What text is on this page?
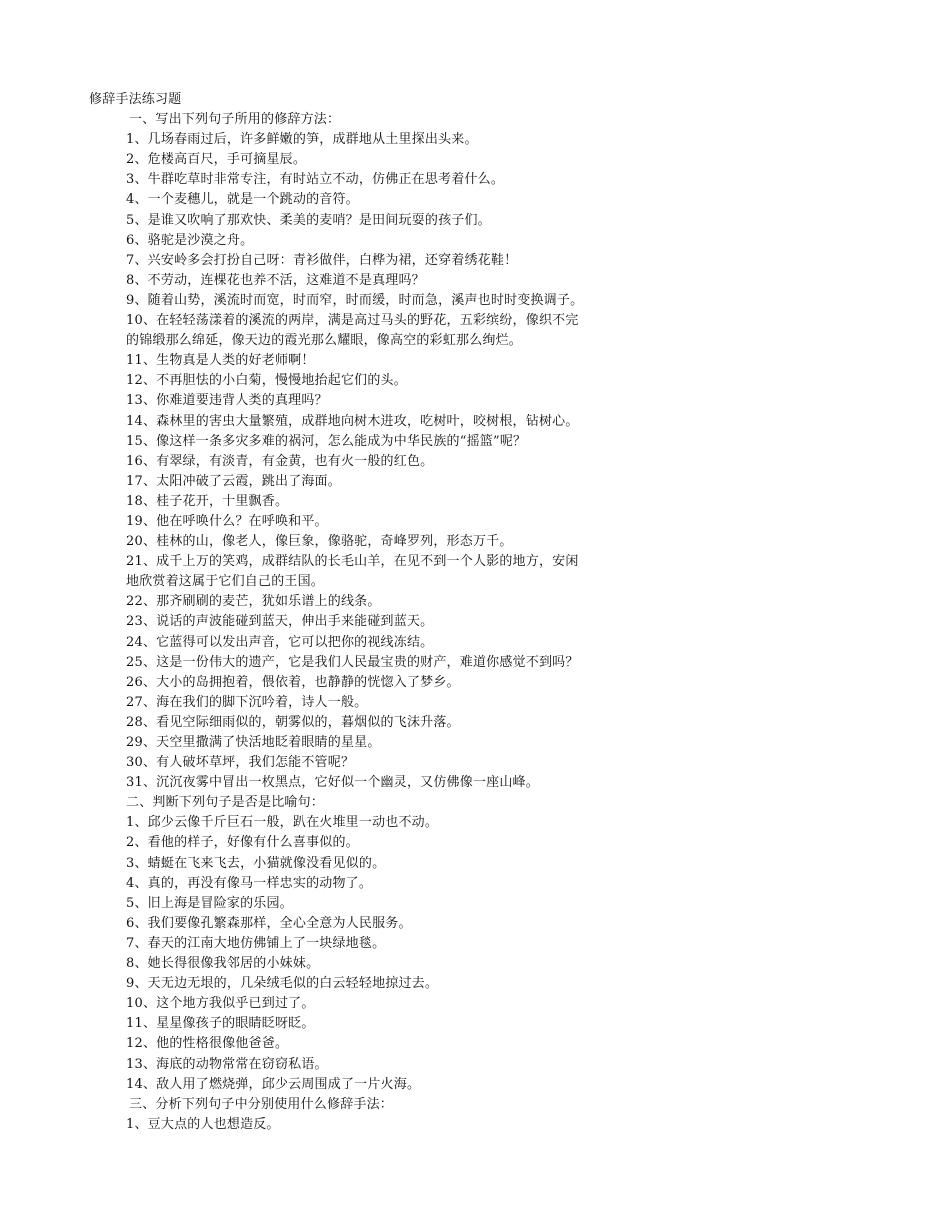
修辞手法练习题
一、写出下列句子所用的修辞方法：
1、几场春雨过后，许多鲜嫩的笋，成群地从土里探出头来。
2、危楼高百尺，手可摘星辰。
3、牛群吃草时非常专注，有时站立不动，仿佛正在思考着什么。
4、一个麦穗儿，就是一个跳动的音符。
5、是谁又吹响了那欢快、柔美的麦哨？是田间玩耍的孩子们。
6、骆驼是沙漠之舟。
7、兴安岭多会打扮自己呀：青衫做伴，白桦为裙，还穿着绣花鞋！
8、不劳动，连棵花也养不活，这难道不是真理吗？
9、随着山势，溪流时而宽，时而窄，时而缓，时而急，溪声也时时变换调子。
10、在轻轻荡漾着的溪流的两岸，满是高过马头的野花，五彩缤纷，像织不完
的锦缎那么绵延，像天边的霞光那么耀眼，像高空的彩虹那么绚烂。
11、生物真是人类的好老师啊！
12、不再胆怯的小白菊，慢慢地抬起它们的头。
13、你难道要违背人类的真理吗？
14、森林里的害虫大量繁殖，成群地向树木进攻，吃树叶，咬树根，钻树心。
15、像这样一条多灾多难的祸河，怎么能成为中华民族的“摇篮”呢？
16、有翠绿，有淡青，有金黄，也有火一般的红色。
17、太阳冲破了云霞，跳出了海面。
18、桂子花开，十里飘香。
19、他在呼唤什么？在呼唤和平。
20、桂林的山，像老人，像巨象，像骆驼，奇峰罗列，形态万千。
21、成千上万的笑鸡，成群结队的长毛山羊，在见不到一个人影的地方，安闲
地欣赏着这属于它们自己的王国。
22、那齐刷刷的麦芒，犹如乐谱上的线条。
23、说话的声波能碰到蓝天，伸出手来能碰到蓝天。
24、它蓝得可以发出声音，它可以把你的视线冻结。
25、这是一份伟大的遗产，它是我们人民最宝贵的财产，难道你感觉不到吗？
26、大小的岛拥抱着，偎依着，也静静的恍惚入了梦乡。
27、海在我们的脚下沉吟着，诗人一般。
28、看见空际细雨似的，朝雾似的，暮烟似的飞沫升落。
29、天空里撒满了快活地眨着眼睛的星星。
30、有人破坏草坪，我们怎能不管呢？
31、沉沉夜雾中冒出一枚黑点，它好似一个幽灵，又仿佛像一座山峰。
二、判断下列句子是否是比喻句：
1、邱少云像千斤巨石一般，趴在火堆里一动也不动。
2、看他的样子，好像有什么喜事似的。
3、蜻蜓在飞来飞去，小猫就像没看见似的。
4、真的，再没有像马一样忠实的动物了。
5、旧上海是冒险家的乐园。
6、我们要像孔繁森那样，全心全意为人民服务。
7、春天的江南大地仿佛铺上了一块绿地毯。
8、她长得很像我邻居的小妹妹。
9、天无边无垠的，几朵绒毛似的白云轻轻地掠过去。
10、这个地方我似乎已到过了。
11、星星像孩子的眼睛眨呀眨。
12、他的性格很像他爸爸。
13、海底的动物常常在窃窃私语。
14、敌人用了燃烧弹，邱少云周围成了一片火海。
三、分析下列句子中分别使用什么修辞手法：
1、豆大点的人也想造反。
